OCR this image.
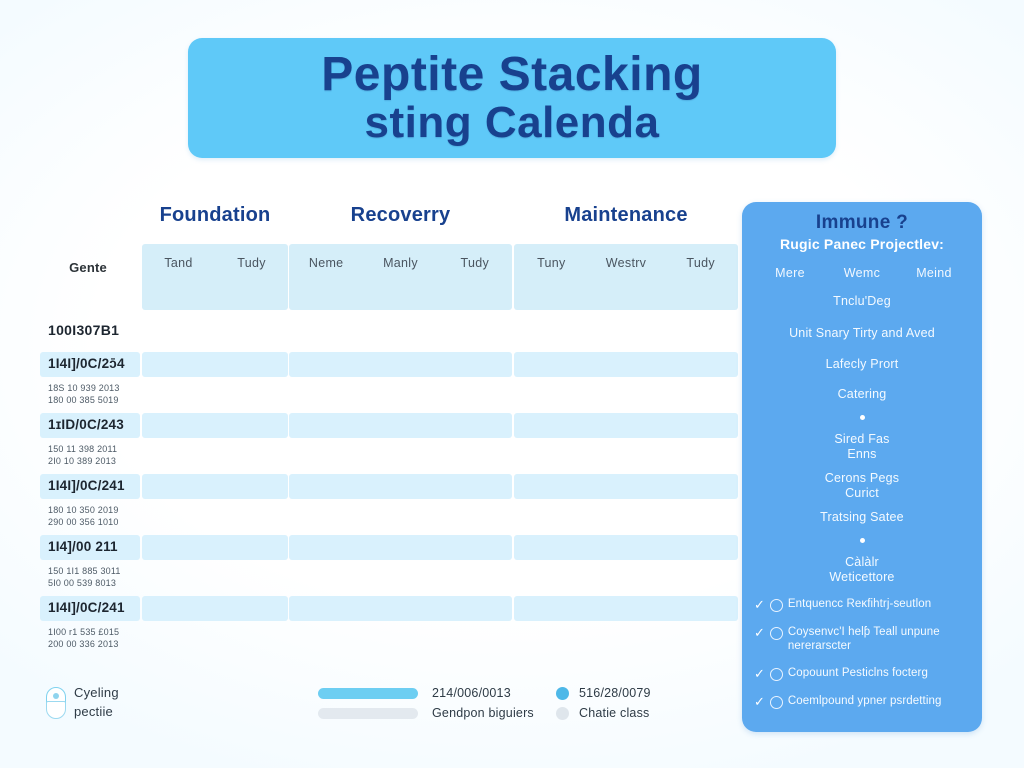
Peptite Stacking
sting Calenda
Foundation	Recoverry	Maintenance
Gente	Tand	Tudy	Neme	Manly	Tudy	Tuny	Westrv	Tudy
100I307B1
1I4I]/0C/2ɔ̄4
18S 10 939 2013
180 00 385 5019
1ɪID/0C/243
150 11 398 2011
2I0 10 389 2013
1I4I]/0C/241
180 10 350 2019
290 00 356 1010
1I4]/00 211
150 1I1 885 3011
5I0 00 539 8013
1I4I]/0C/241
1I00 r1 535 £015
200 00 336 2013
Immune ?
Rugic Panec Projectlev:
Mere	Wemc	Meind
Tnclu'Deg
Unit Snary Tirty and Aved
Lafecly Prort
Catering
Sired Fas
Enns
Cerons Pegs
Curict
Tratsing Satee
Càlàlr
Weticettore
✓ Entquencc Reĸfihtrj-seutlon
✓ Coysenvc'I helƥ Teall unpune nererarscter
✓ Copouunt Pesticlns focterg
✓ Coemlpound ypner psrdetting
Cyeling
pectiie
214/006/0013
Gendpon biguiers
516/28/0079
Chatie class
